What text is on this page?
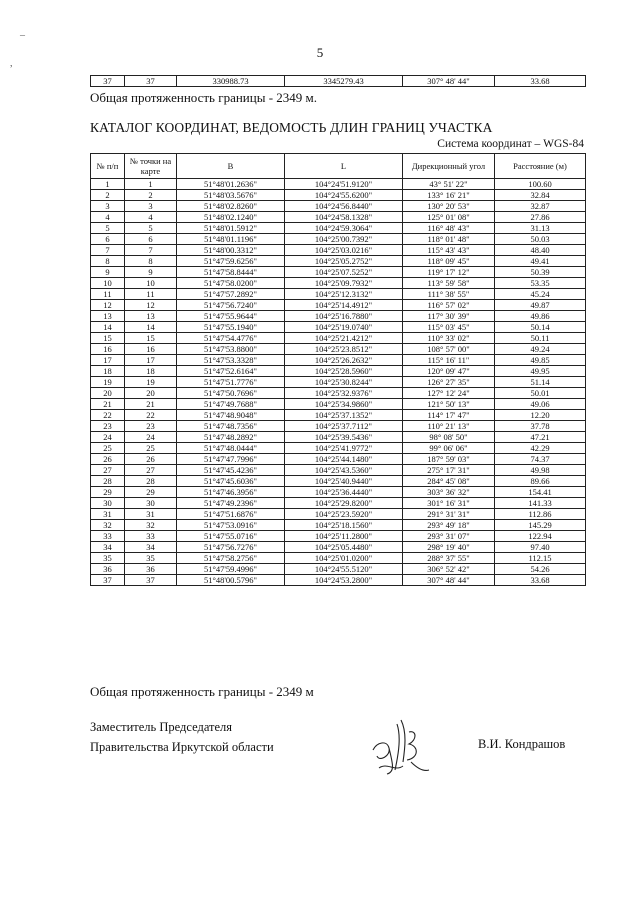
–
,
5
37	37	330988.73	3345279.43	307° 48' 44"	33.68
Общая протяженность границы - 2349 м.
КАТАЛОГ КООРДИНАТ, ВЕДОМОСТЬ ДЛИН ГРАНИЦ УЧАСТКА
Система координат – WGS-84
№ п/п	№ точки на карте	B	L	Дирекционный угол	Расстояние (м)
1	1	51°48'01.2636"	104°24'51.9120"	43° 51' 22"	100.60
2	2	51°48'03.5676"	104°24'55.6200"	133° 16' 21"	32.84
3	3	51°48'02.8260"	104°24'56.8440"	130° 20' 53"	32.87
4	4	51°48'02.1240"	104°24'58.1328"	125° 01' 08"	27.86
5	5	51°48'01.5912"	104°24'59.3064"	116° 48' 43"	31.13
6	6	51°48'01.1196"	104°25'00.7392"	118° 01' 48"	50.03
7	7	51°48'00.3312"	104°25'03.0216"	115° 43' 43"	48.40
8	8	51°47'59.6256"	104°25'05.2752"	118° 09' 45"	49.41
9	9	51°47'58.8444"	104°25'07.5252"	119° 17' 12"	50.39
10	10	51°47'58.0200"	104°25'09.7932"	113° 59' 58"	53.35
11	11	51°47'57.2892"	104°25'12.3132"	111° 38' 55"	45.24
12	12	51°47'56.7240"	104°25'14.4912"	116° 57' 02"	49.87
13	13	51°47'55.9644"	104°25'16.7880"	117° 30' 39"	49.86
14	14	51°47'55.1940"	104°25'19.0740"	115° 03' 45"	50.14
15	15	51°47'54.4776"	104°25'21.4212"	110° 33' 02"	50.11
16	16	51°47'53.8800"	104°25'23.8512"	108° 57' 00"	49.24
17	17	51°47'53.3328"	104°25'26.2632"	115° 16' 11"	49.85
18	18	51°47'52.6164"	104°25'28.5960"	120° 09' 47"	49.95
19	19	51°47'51.7776"	104°25'30.8244"	126° 27' 35"	51.14
20	20	51°47'50.7696"	104°25'32.9376"	127° 12' 24"	50.01
21	21	51°47'49.7688"	104°25'34.9860"	121° 50' 13"	49.06
22	22	51°47'48.9048"	104°25'37.1352"	114° 17' 47"	12.20
23	23	51°47'48.7356"	104°25'37.7112"	110° 21' 13"	37.78
24	24	51°47'48.2892"	104°25'39.5436"	98° 08' 50"	47.21
25	25	51°47'48.0444"	104°25'41.9772"	99° 06' 06"	42.29
26	26	51°47'47.7996"	104°25'44.1480"	187° 59' 03"	74.37
27	27	51°47'45.4236"	104°25'43.5360"	275° 17' 31"	49.98
28	28	51°47'45.6036"	104°25'40.9440"	284° 45' 08"	89.66
29	29	51°47'46.3956"	104°25'36.4440"	303° 36' 32"	154.41
30	30	51°47'49.2396"	104°25'29.8200"	301° 16' 31"	141.33
31	31	51°47'51.6876"	104°25'23.5920"	291° 31' 31"	112.86
32	32	51°47'53.0916"	104°25'18.1560"	293° 49' 18"	145.29
33	33	51°47'55.0716"	104°25'11.2800"	293° 31' 07"	122.94
34	34	51°47'56.7276"	104°25'05.4480"	298° 19' 40"	97.40
35	35	51°47'58.2756"	104°25'01.0200"	288° 37' 55"	112.15
36	36	51°47'59.4996"	104°24'55.5120"	306° 52' 42"	54.26
37	37	51°48'00.5796"	104°24'53.2800"	307° 48' 44"	33.68
Общая протяженность границы - 2349 м
Заместитель Председателя
Правительства Иркутской области	В.И. Кондрашов
